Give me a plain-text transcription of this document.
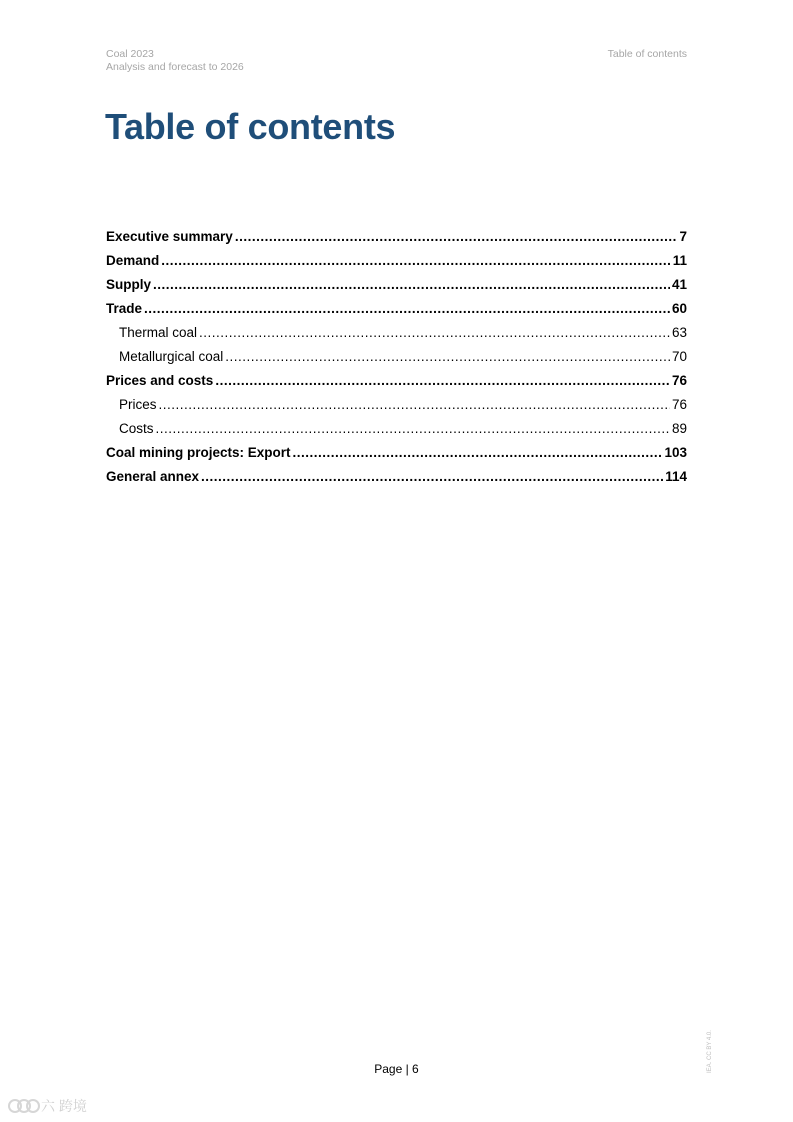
Coal 2023
Analysis and forecast to 2026
Table of contents
Table of contents
Executive summary .....	7
Demand .....	11
Supply .....	41
Trade .....	60
Thermal coal .....	63
Metallurgical coal .....	70
Prices and costs .....	76
Prices .....	76
Costs .....	89
Coal mining projects: Export .....	103
General annex .....	114
IEA. CC BY 4.0.
Page | 6
六 跨境
